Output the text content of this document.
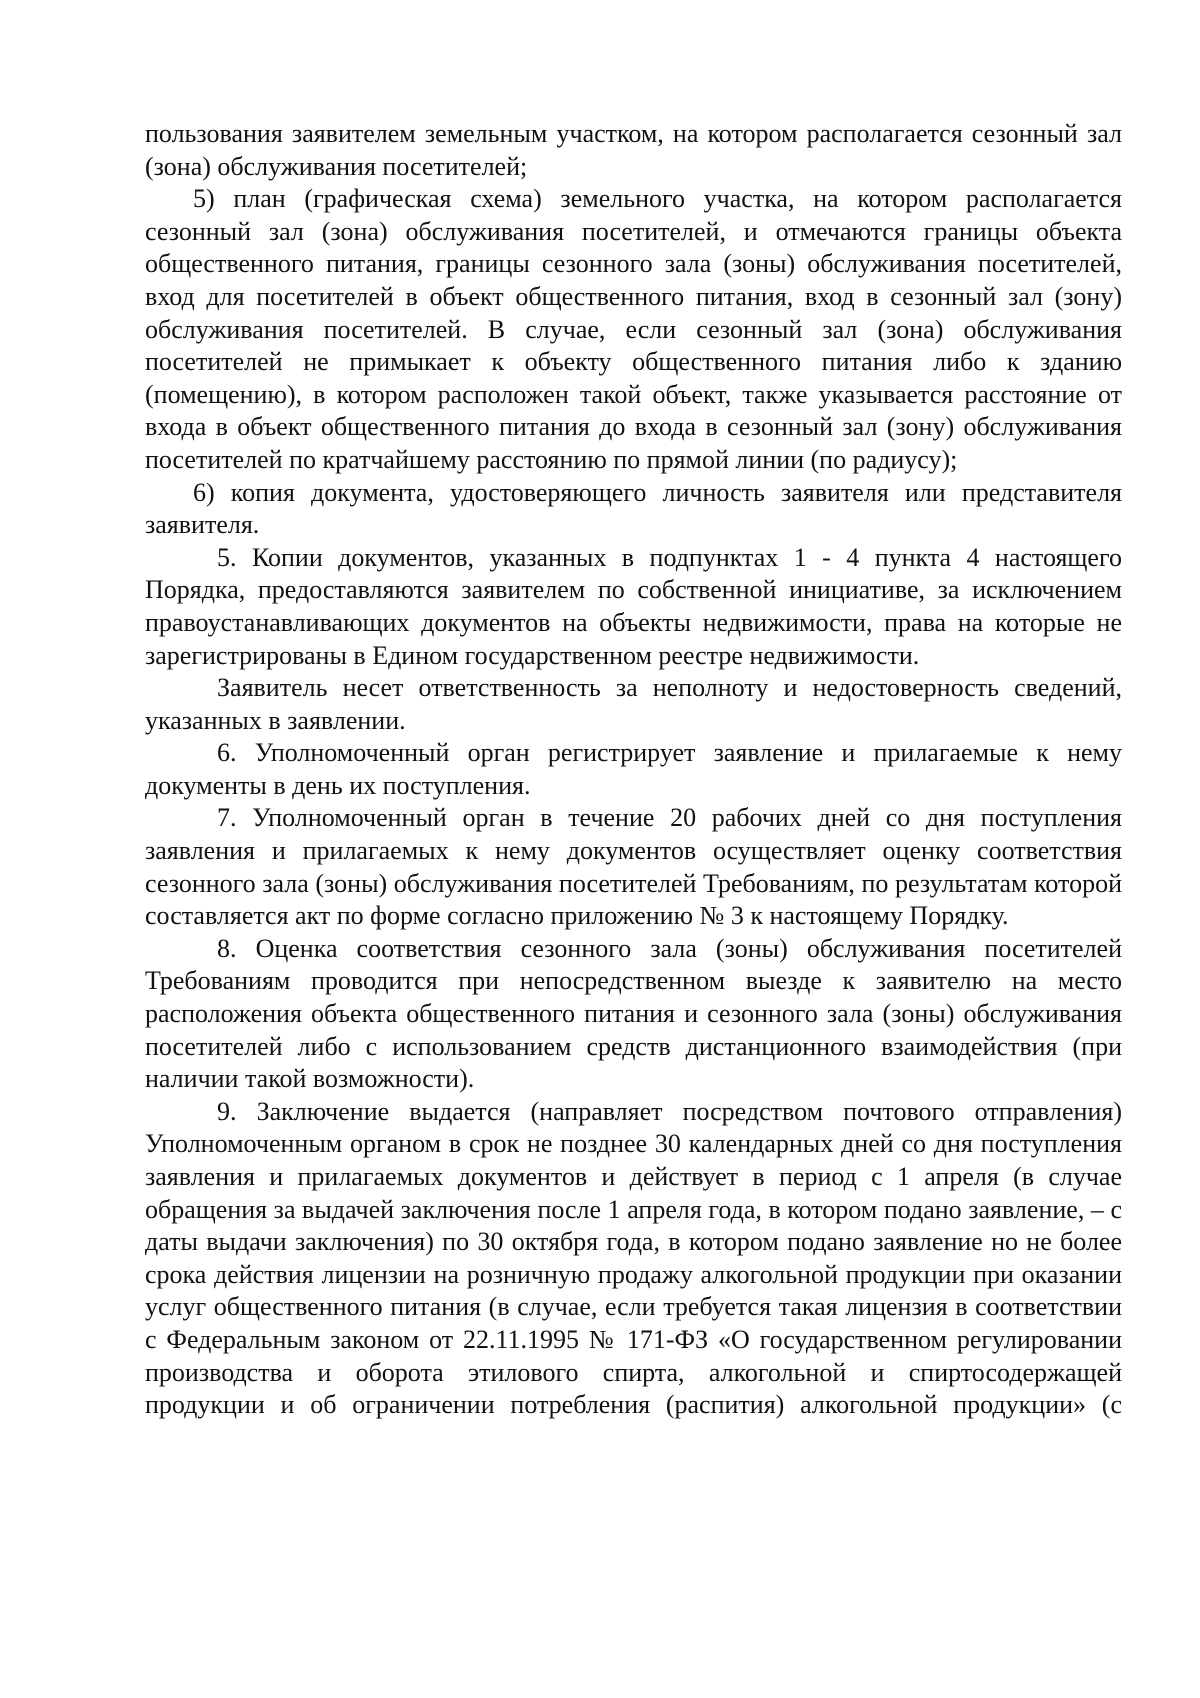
пользования заявителем земельным участком, на котором располагается сезонный зал (зона) обслуживания посетителей;

5) план (графическая схема) земельного участка, на котором располагается сезонный зал (зона) обслуживания посетителей, и отмечаются границы объекта общественного питания, границы сезонного зала (зоны) обслуживания посетителей, вход для посетителей в объект общественного питания, вход в сезонный зал (зону) обслуживания посетителей. В случае, если сезонный зал (зона) обслуживания посетителей не примыкает к объекту общественного питания либо к зданию (помещению), в котором расположен такой объект, также указывается расстояние от входа в объект общественного питания до входа в сезонный зал (зону) обслуживания посетителей по кратчайшему расстоянию по прямой линии (по радиусу);

6) копия документа, удостоверяющего личность заявителя или представителя заявителя.

5. Копии документов, указанных в подпунктах 1 - 4 пункта 4 настоящего Порядка, предоставляются заявителем по собственной инициативе, за исключением правоустанавливающих документов на объекты недвижимости, права на которые не зарегистрированы в Едином государственном реестре недвижимости.

Заявитель несет ответственность за неполноту и недостоверность сведений, указанных в заявлении.

6. Уполномоченный орган регистрирует заявление и прилагаемые к нему документы в день их поступления.

7. Уполномоченный орган в течение 20 рабочих дней со дня поступления заявления и прилагаемых к нему документов осуществляет оценку соответствия сезонного зала (зоны) обслуживания посетителей Требованиям, по результатам которой составляется акт по форме согласно приложению № 3 к настоящему Порядку.

8. Оценка соответствия сезонного зала (зоны) обслуживания посетителей Требованиям проводится при непосредственном выезде к заявителю на место расположения объекта общественного питания и сезонного зала (зоны) обслуживания посетителей либо с использованием средств дистанционного взаимодействия (при наличии такой возможности).

9. Заключение выдается (направляет посредством почтового отправления) Уполномоченным органом в срок не позднее 30 календарных дней со дня поступления заявления и прилагаемых документов и действует в период с 1 апреля (в случае обращения за выдачей заключения после 1 апреля года, в котором подано заявление, – с даты выдачи заключения) по 30 октября года, в котором подано заявление но не более срока действия лицензии на розничную продажу алкогольной продукции при оказании услуг общественного питания (в случае, если требуется такая лицензия в соответствии с Федеральным законом от 22.11.1995 № 171-ФЗ «О государственном регулировании производства и оборота этилового спирта, алкогольной и спиртосодержащей продукции и об ограничении потребления (распития) алкогольной продукции» (с
